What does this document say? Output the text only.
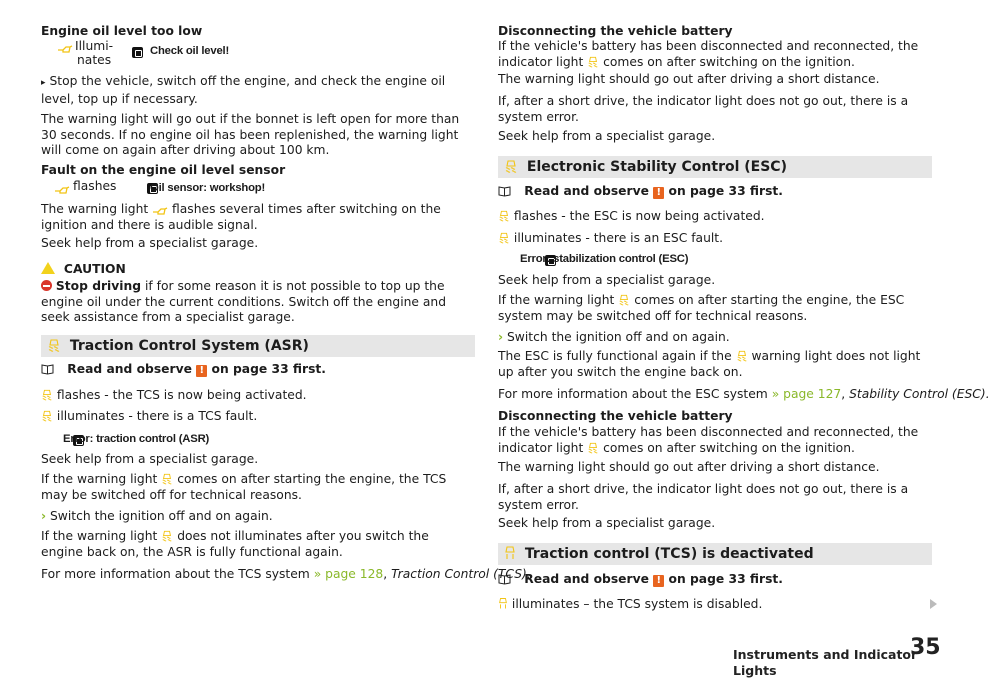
Engine oil level too low
Illumi-
nates

Check oil level!
▸ Stop the vehicle, switch off the engine, and check the engine oil level, top up if necessary.
The warning light will go out if the bonnet is left open for more than 30 seconds. If no engine oil has been replenished, the warning light will come on again after driving about 100 km.
Fault on the engine oil level sensor
flashes
	Oil sensor: workshop!
The warning light flashes several times after switching on the ignition and there is audible signal.
Seek help from a specialist garage.
CAUTION
Stop driving if for some reason it is not possible to top up the engine oil under the current conditions. Switch off the engine and seek assistance from a specialist garage.
Traction Control System (ASR)
Read and observe ! on page 33 first.
flashes - the TCS is now being activated.
illuminates - there is a TCS fault.

Error: traction control (ASR)
Seek help from a specialist garage.
If the warning light comes on after starting the engine, the TCS may be switched off for technical reasons.
› Switch the ignition off and on again.
If the warning light does not illuminates after you switch the engine back on, the ASR is fully functional again.
For more information about the TCS system » page 128, Traction Control (TCS).
Disconnecting the vehicle battery
If the vehicle's battery has been disconnected and reconnected, the indicator light comes on after switching on the ignition.
The warning light should go out after driving a short distance.
If, after a short drive, the indicator light does not go out, there is a system error.
Seek help from a specialist garage.
Electronic Stability Control (ESC)
Read and observe ! on page 33 first.
flashes - the ESC is now being activated.
illuminates - there is an ESC fault.
Error: stabilization control (ESC)
Seek help from a specialist garage.
If the warning light comes on after starting the engine, the ESC system may be switched off for technical reasons.
› Switch the ignition off and on again.
The ESC is fully functional again if the warning light does not light up after you switch the engine back on.
For more information about the ESC system » page 127, Stability Control (ESC).
Disconnecting the vehicle battery
If the vehicle's battery has been disconnected and reconnected, the indicator light comes on after switching on the ignition.
The warning light should go out after driving a short distance.
If, after a short drive, the indicator light does not go out, there is a system error.
Seek help from a specialist garage.
Traction control (TCS) is deactivated
Read and observe ! on page 33 first.
illuminates – the TCS system is disabled.
Instruments and Indicator Lights
35
